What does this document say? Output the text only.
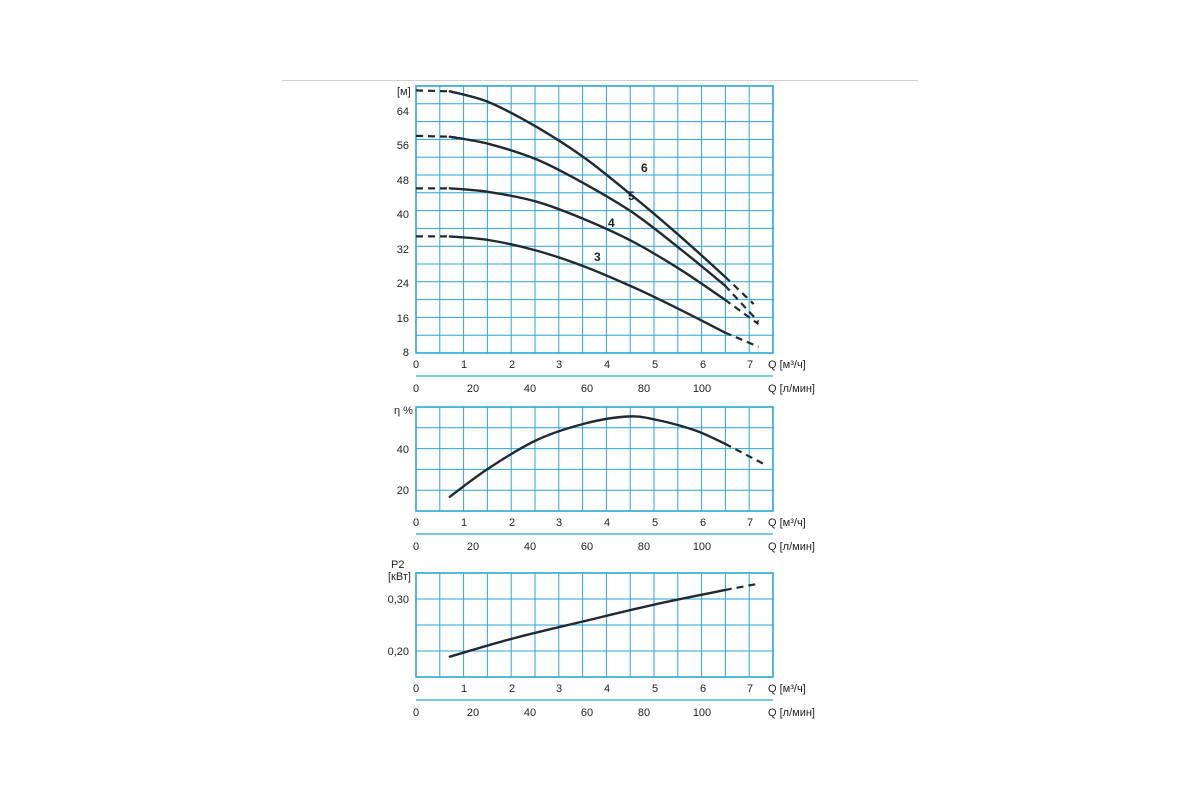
[м]
8
16
24
32
40
48
56
64
0	1	2	3	4	5	6	7 Q [м³/ч]
0	20	40	60	80	100	Q [л/мин]
6
5
4
3
η %
20
40
0	1	2	3	4	5	6	7 Q [м³/ч]
0	20	40	60	80	100	Q [л/мин]
P2
[кВт]
0,20
0,30
0	1	2	3	4	5	6	7 Q [м³/ч]
0	20	40	60	80	100	Q [л/мин]
